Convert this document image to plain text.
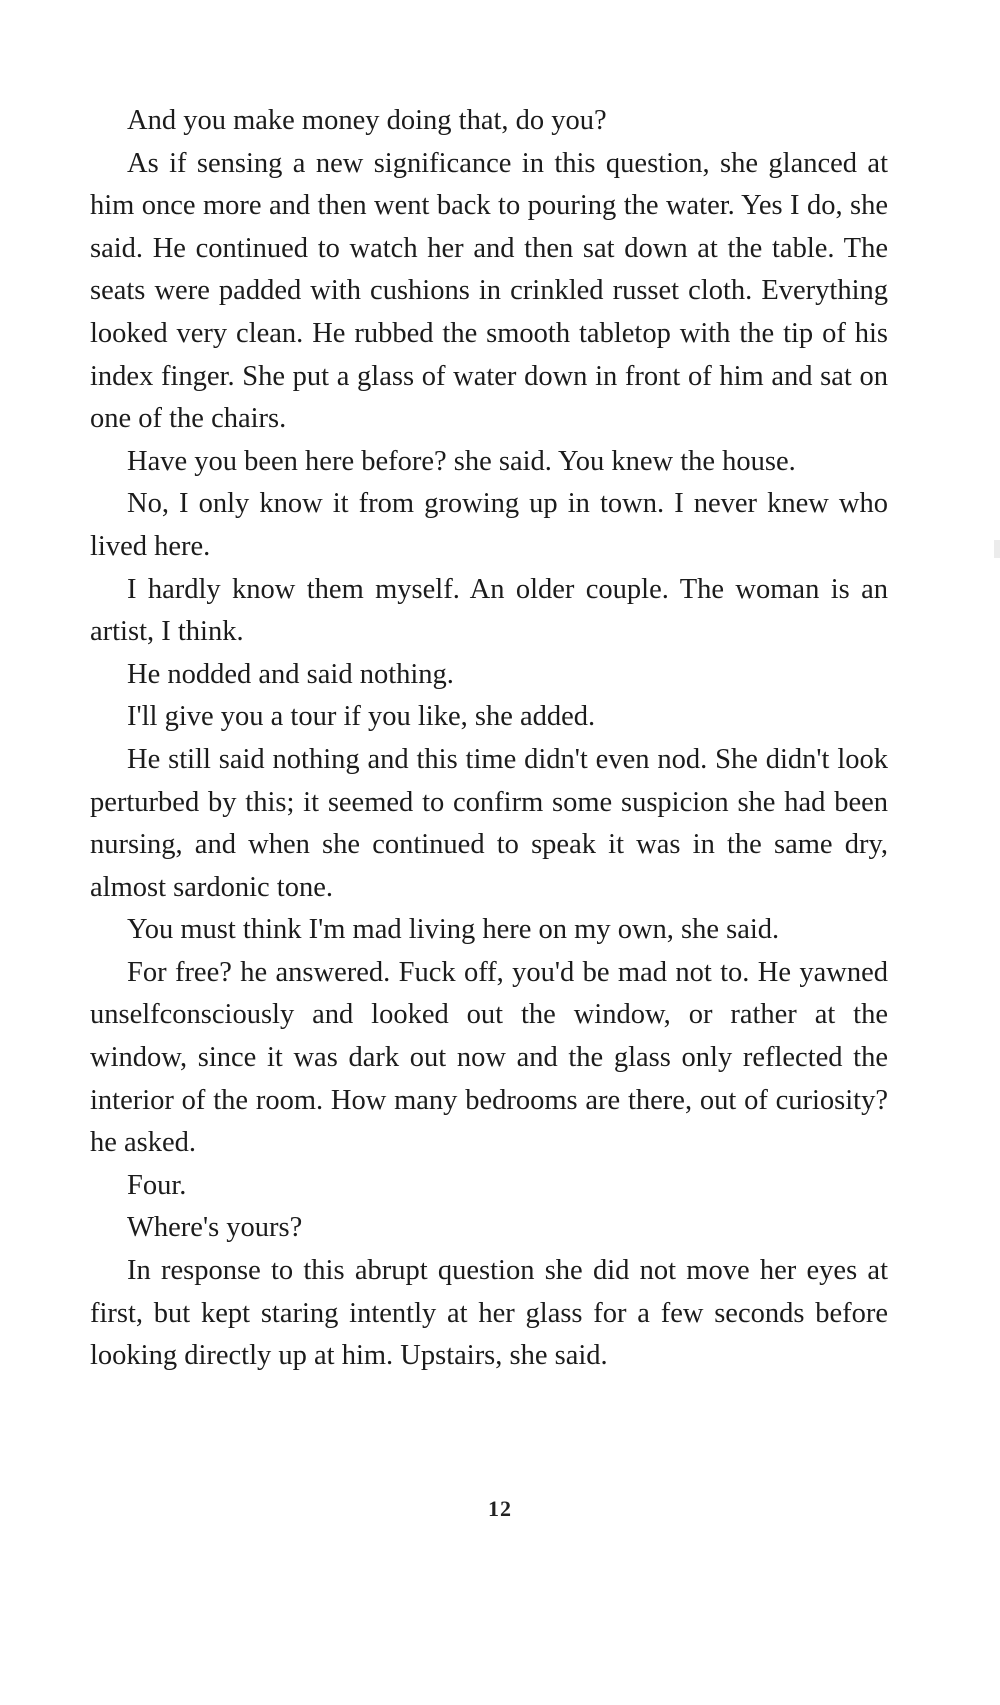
And you make money doing that, do you?

As if sensing a new significance in this question, she glanced at him once more and then went back to pouring the water. Yes I do, she said. He continued to watch her and then sat down at the table. The seats were padded with cushions in crinkled russet cloth. Everything looked very clean. He rubbed the smooth tabletop with the tip of his index finger. She put a glass of water down in front of him and sat on one of the chairs.

Have you been here before? she said. You knew the house.

No, I only know it from growing up in town. I never knew who lived here.

I hardly know them myself. An older couple. The woman is an artist, I think.

He nodded and said nothing.

I'll give you a tour if you like, she added.

He still said nothing and this time didn't even nod. She didn't look perturbed by this; it seemed to confirm some suspicion she had been nursing, and when she continued to speak it was in the same dry, almost sardonic tone.

You must think I'm mad living here on my own, she said.

For free? he answered. Fuck off, you'd be mad not to. He yawned unselfconsciously and looked out the window, or rather at the window, since it was dark out now and the glass only reflected the interior of the room. How many bedrooms are there, out of curiosity? he asked.

Four.

Where's yours?

In response to this abrupt question she did not move her eyes at first, but kept staring intently at her glass for a few seconds before looking directly up at him. Upstairs, she said.

12
